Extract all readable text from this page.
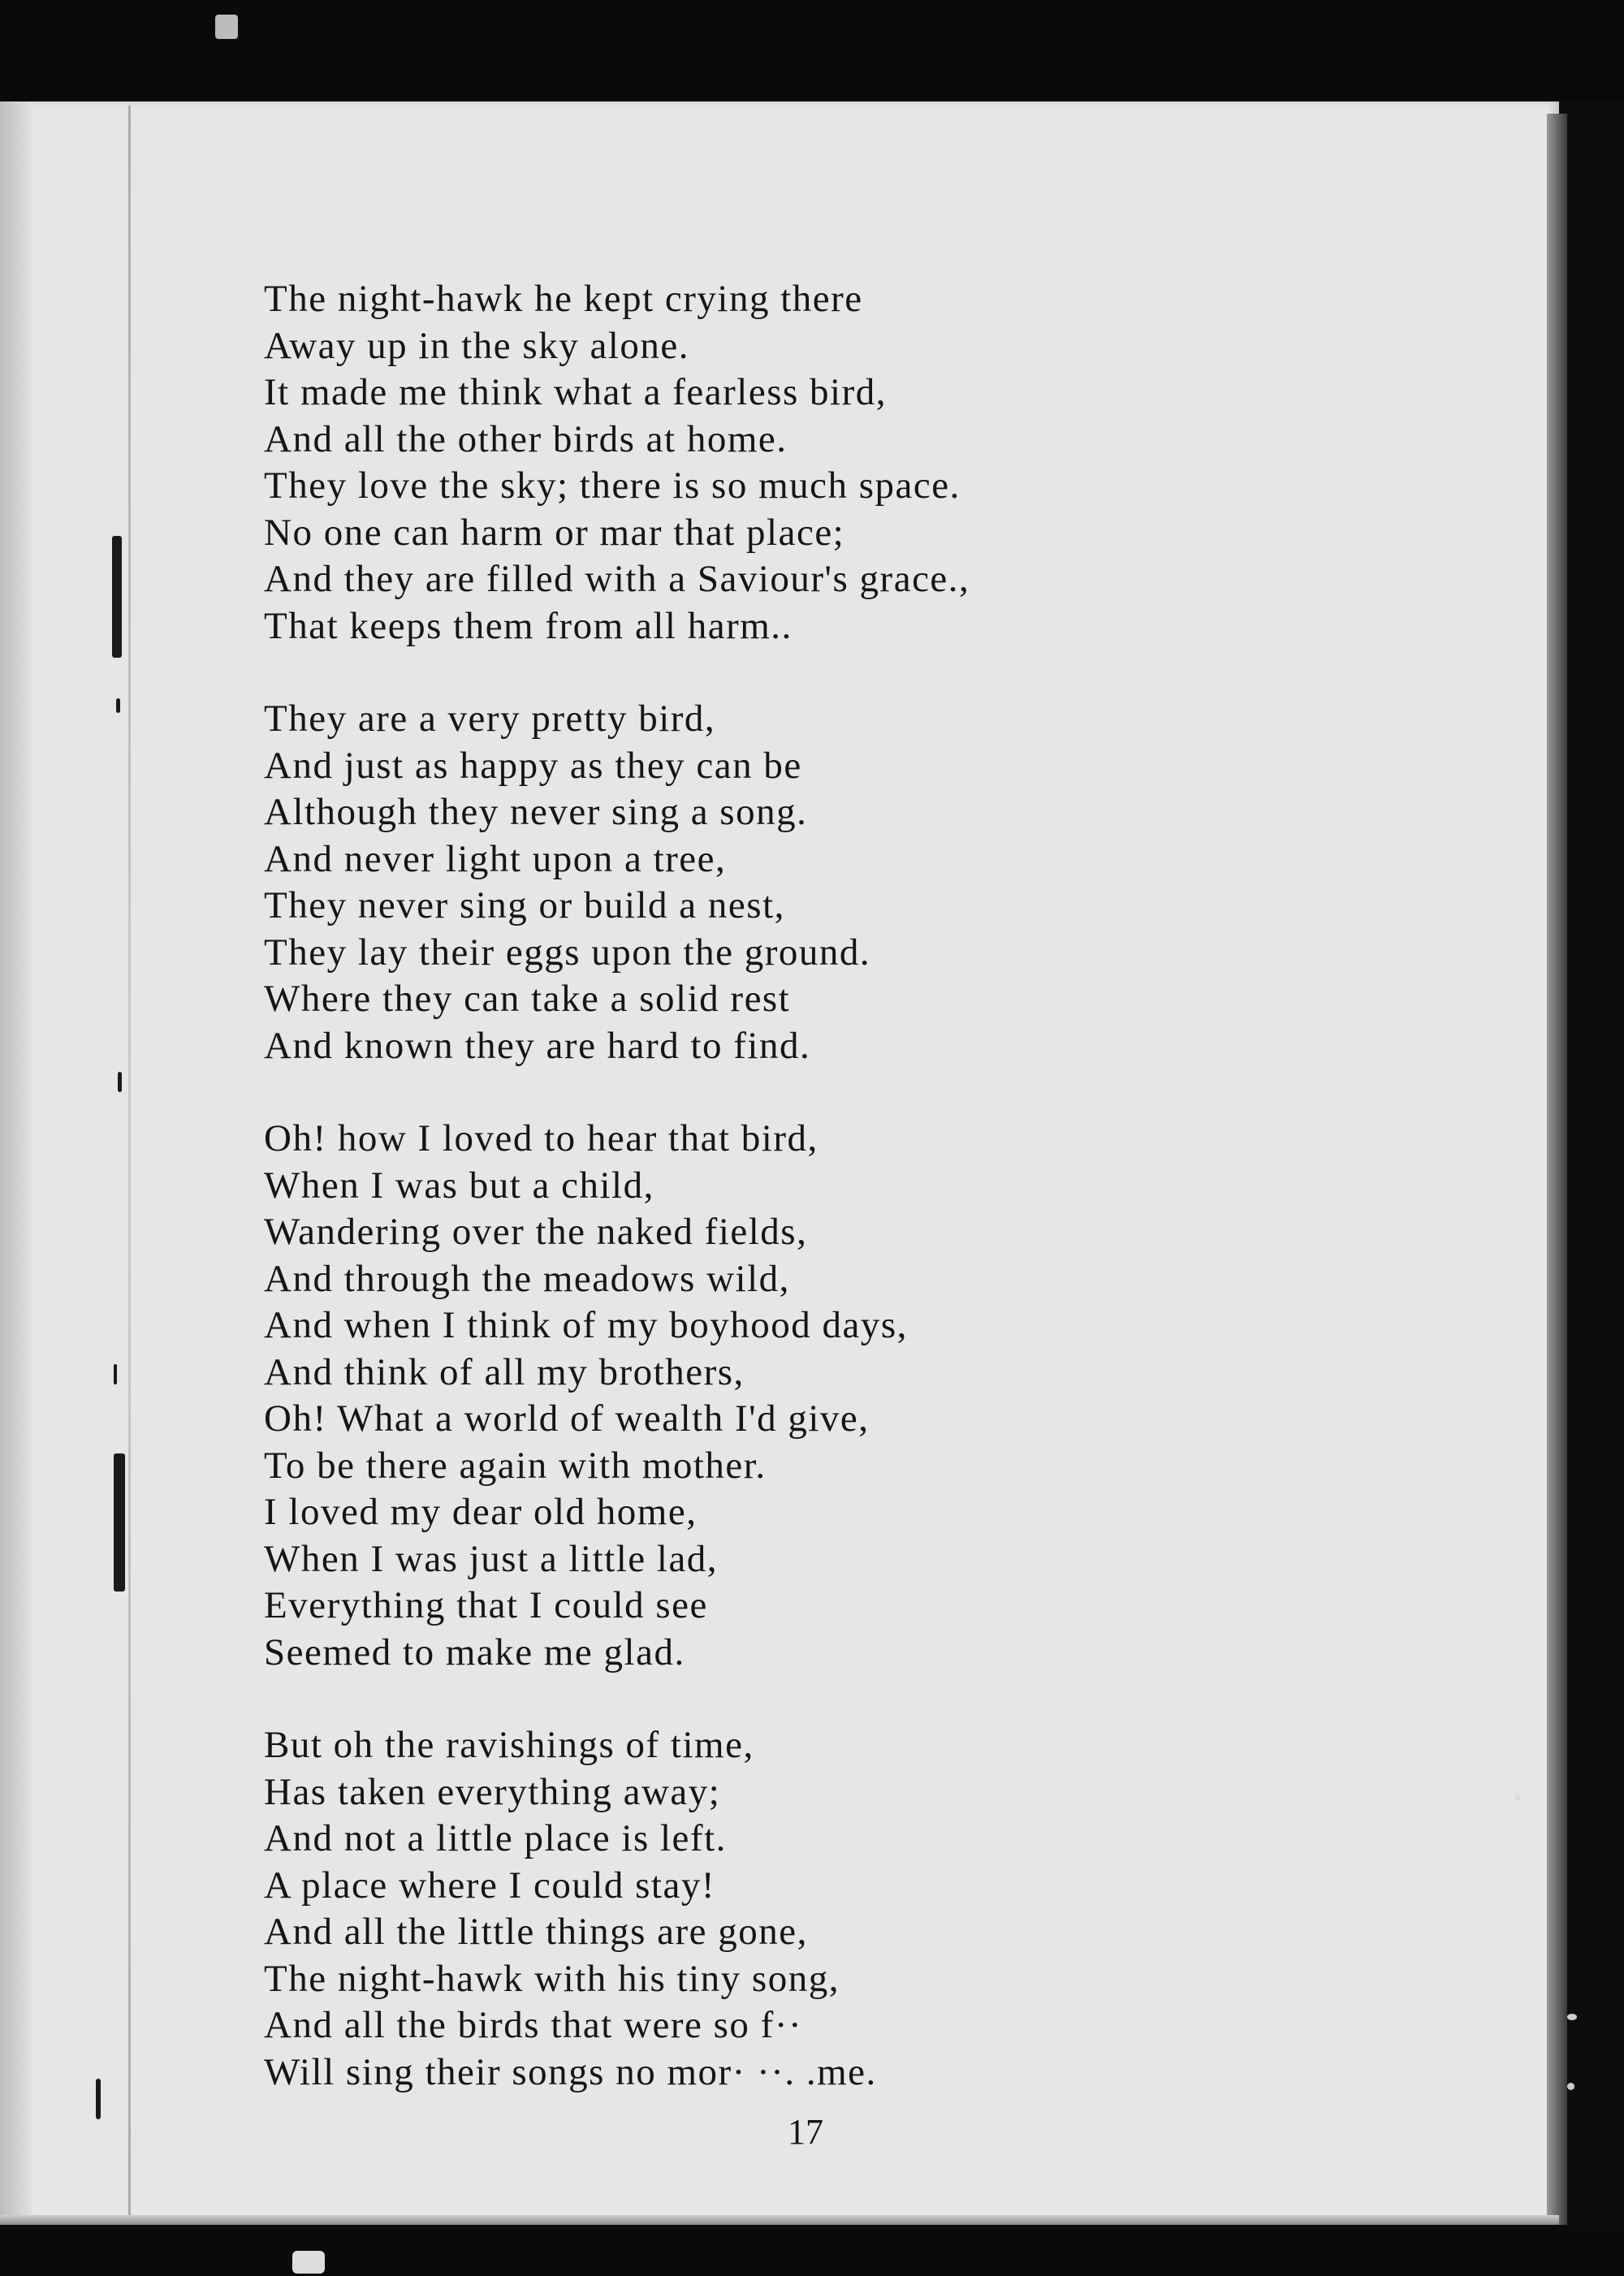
The night-hawk he kept crying there
Away up in the sky alone.
It made me think what a fearless bird,
And all the other birds at home.
They love the sky; there is so much space.
No one can harm or mar that place;
And they are filled with a Saviour's grace.,
That keeps them from all harm..
They are a very pretty bird,
And just as happy as they can be
Although they never sing a song.
And never light upon a tree,
They never sing or build a nest,
They lay their eggs upon the ground.
Where they can take a solid rest
And known they are hard to find.
Oh! how I loved to hear that bird,
When I was but a child,
Wandering over the naked fields,
And through the meadows wild,
And when I think of my boyhood days,
And think of all my brothers,
Oh! What a world of wealth I'd give,
To be there again with mother.
I loved my dear old home,
When I was just a little lad,
Everything that I could see
Seemed to make me glad.
But oh the ravishings of time,
Has taken everything away;
And not a little place is left.
A place where I could stay!
And all the little things are gone,
The night-hawk with his tiny song,
And all the birds that were so f··
Will sing their songs no mor· ··. .me.
17
